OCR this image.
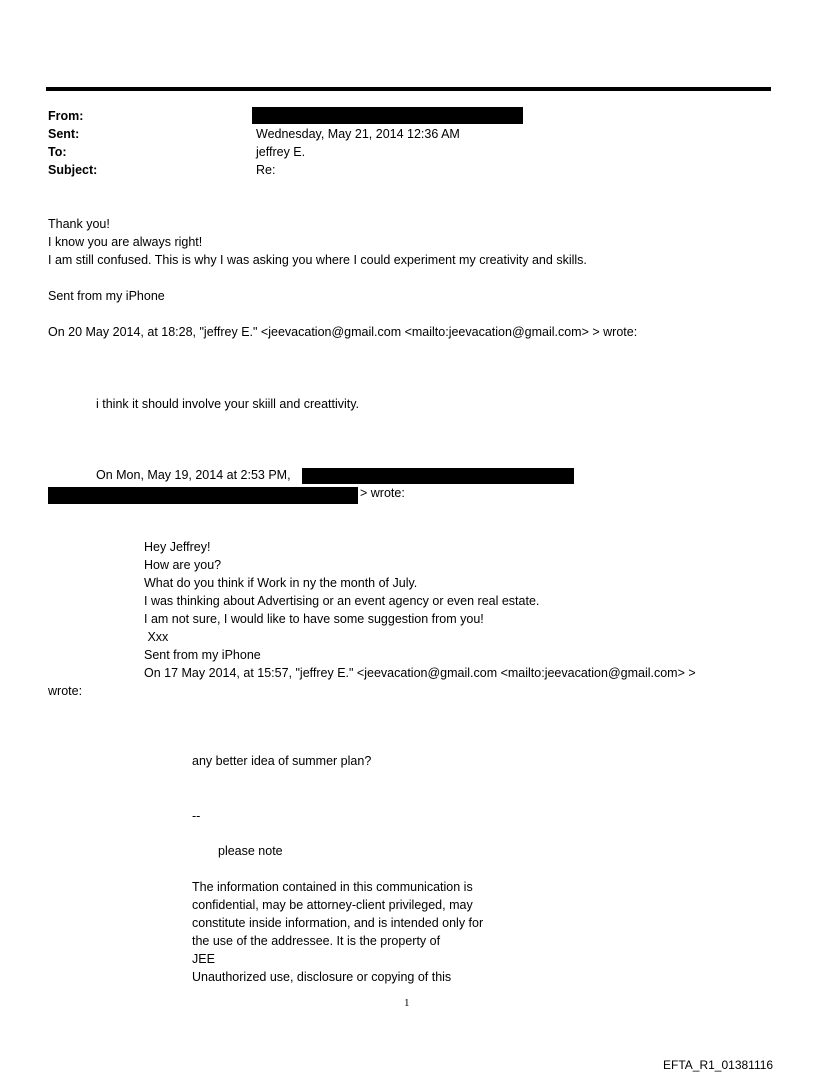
From:
Sent:	Wednesday, May 21, 2014 12:36 AM
To:	jeffrey E.
Subject:	Re:
Thank you!
I know you are always right!
I am still confused. This is why I was asking you where I could experiment my creativity and skills.
Sent from my iPhone
On 20 May 2014, at 18:28, "jeffrey E." <jeevacation@gmail.com <mailto:jeevacation@gmail.com> > wrote:
i think it should involve your skiill and creattivity.
On Mon, May 19, 2014 at 2:53 PM,
> wrote:
Hey Jeffrey!
How are you?
What do you think if Work in ny the month of July.
I was thinking about Advertising or an event agency or even real estate.
I am not sure, I would like to have some suggestion from you!
Xxx
Sent from my iPhone
On 17 May 2014, at 15:57, "jeffrey E." <jeevacation@gmail.com <mailto:jeevacation@gmail.com> >
wrote:
any better idea of summer plan?
--
please note
The information contained in this communication is
confidential, may be attorney-client privileged, may
constitute inside information, and is intended only for
the use of the addressee. It is the property of
JEE
Unauthorized use, disclosure or copying of this
1
EFTA_R1_01381116
